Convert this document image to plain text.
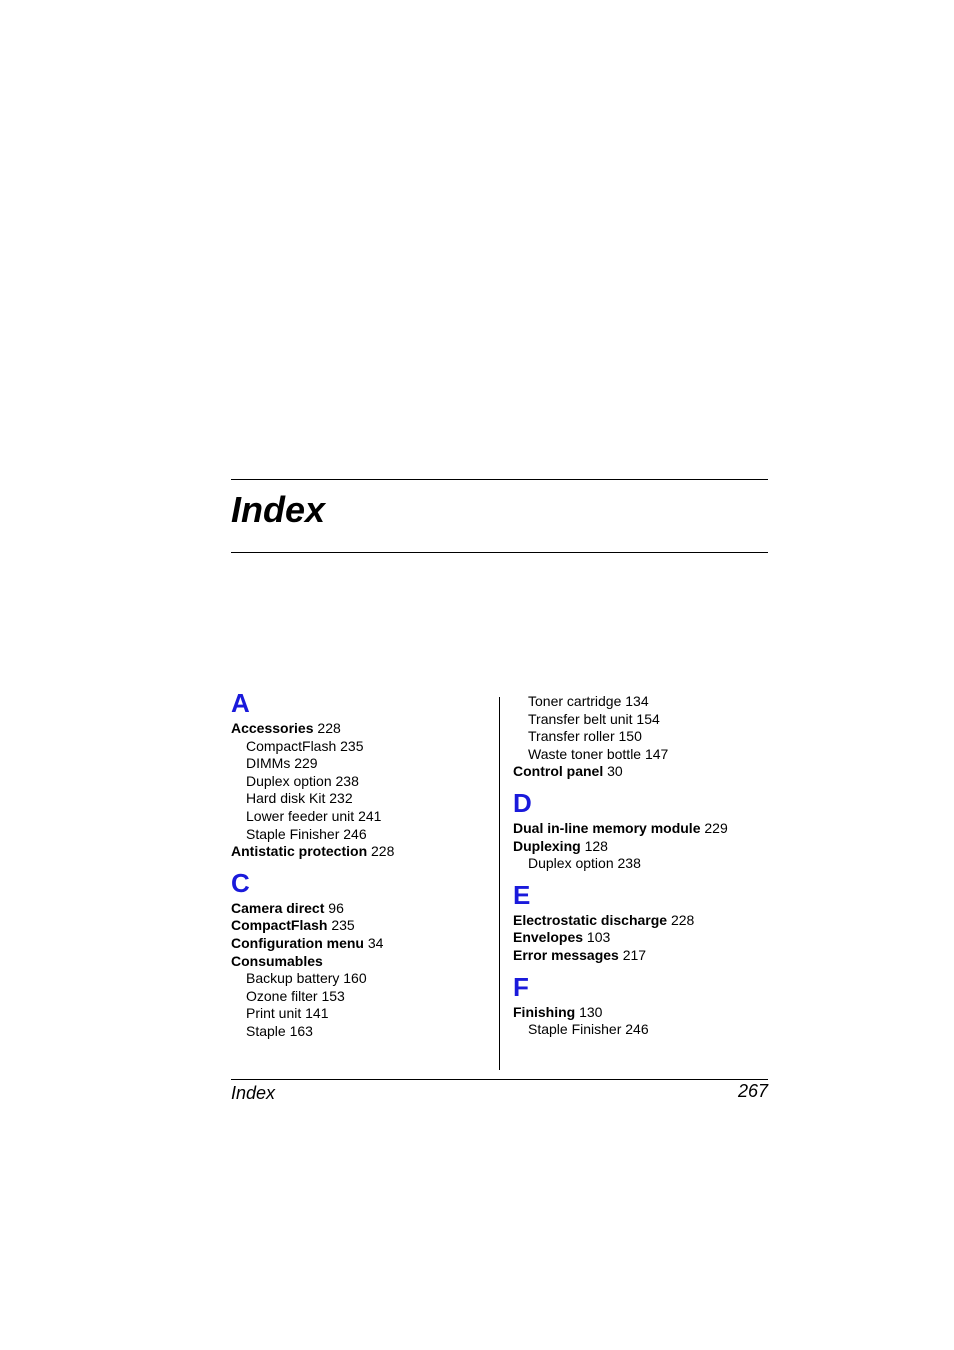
Index
A
Accessories 228
CompactFlash 235
DIMMs 229
Duplex option 238
Hard disk Kit 232
Lower feeder unit 241
Staple Finisher 246
Antistatic protection 228
C
Camera direct 96
CompactFlash 235
Configuration menu 34
Consumables
Backup battery 160
Ozone filter 153
Print unit 141
Staple 163
Toner cartridge 134
Transfer belt unit 154
Transfer roller 150
Waste toner bottle 147
Control panel 30
D
Dual in-line memory module 229
Duplexing 128
Duplex option 238
E
Electrostatic discharge 228
Envelopes 103
Error messages 217
F
Finishing 130
Staple Finisher 246
Index	267
